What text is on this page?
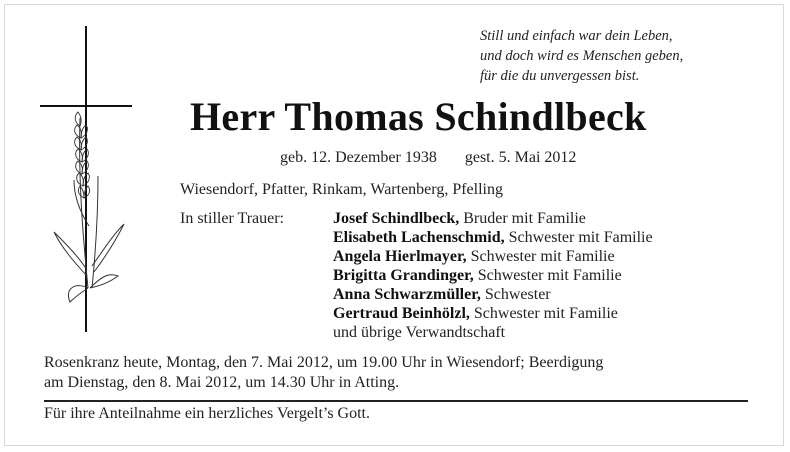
Still und einfach war dein Leben,
und doch wird es Menschen geben,
für die du unvergessen bist.
Herr Thomas Schindlbeck
geb. 12. Dezember 1938 gest. 5. Mai 2012
Wiesendorf, Pfatter, Rinkam, Wartenberg, Pfelling
In stiller Trauer:	Josef Schindlbeck, Bruder mit Familie
Elisabeth Lachenschmid, Schwester mit Familie
Angela Hierlmayer, Schwester mit Familie
Brigitta Grandinger, Schwester mit Familie
Anna Schwarzmüller, Schwester
Gertraud Beinhölzl, Schwester mit Familie
und übrige Verwandtschaft
Rosenkranz heute, Montag, den 7. Mai 2012, um 19.00 Uhr in Wiesendorf; Beerdigung
am Dienstag, den 8. Mai 2012, um 14.30 Uhr in Atting.
Für ihre Anteilnahme ein herzliches Vergelt’s Gott.
